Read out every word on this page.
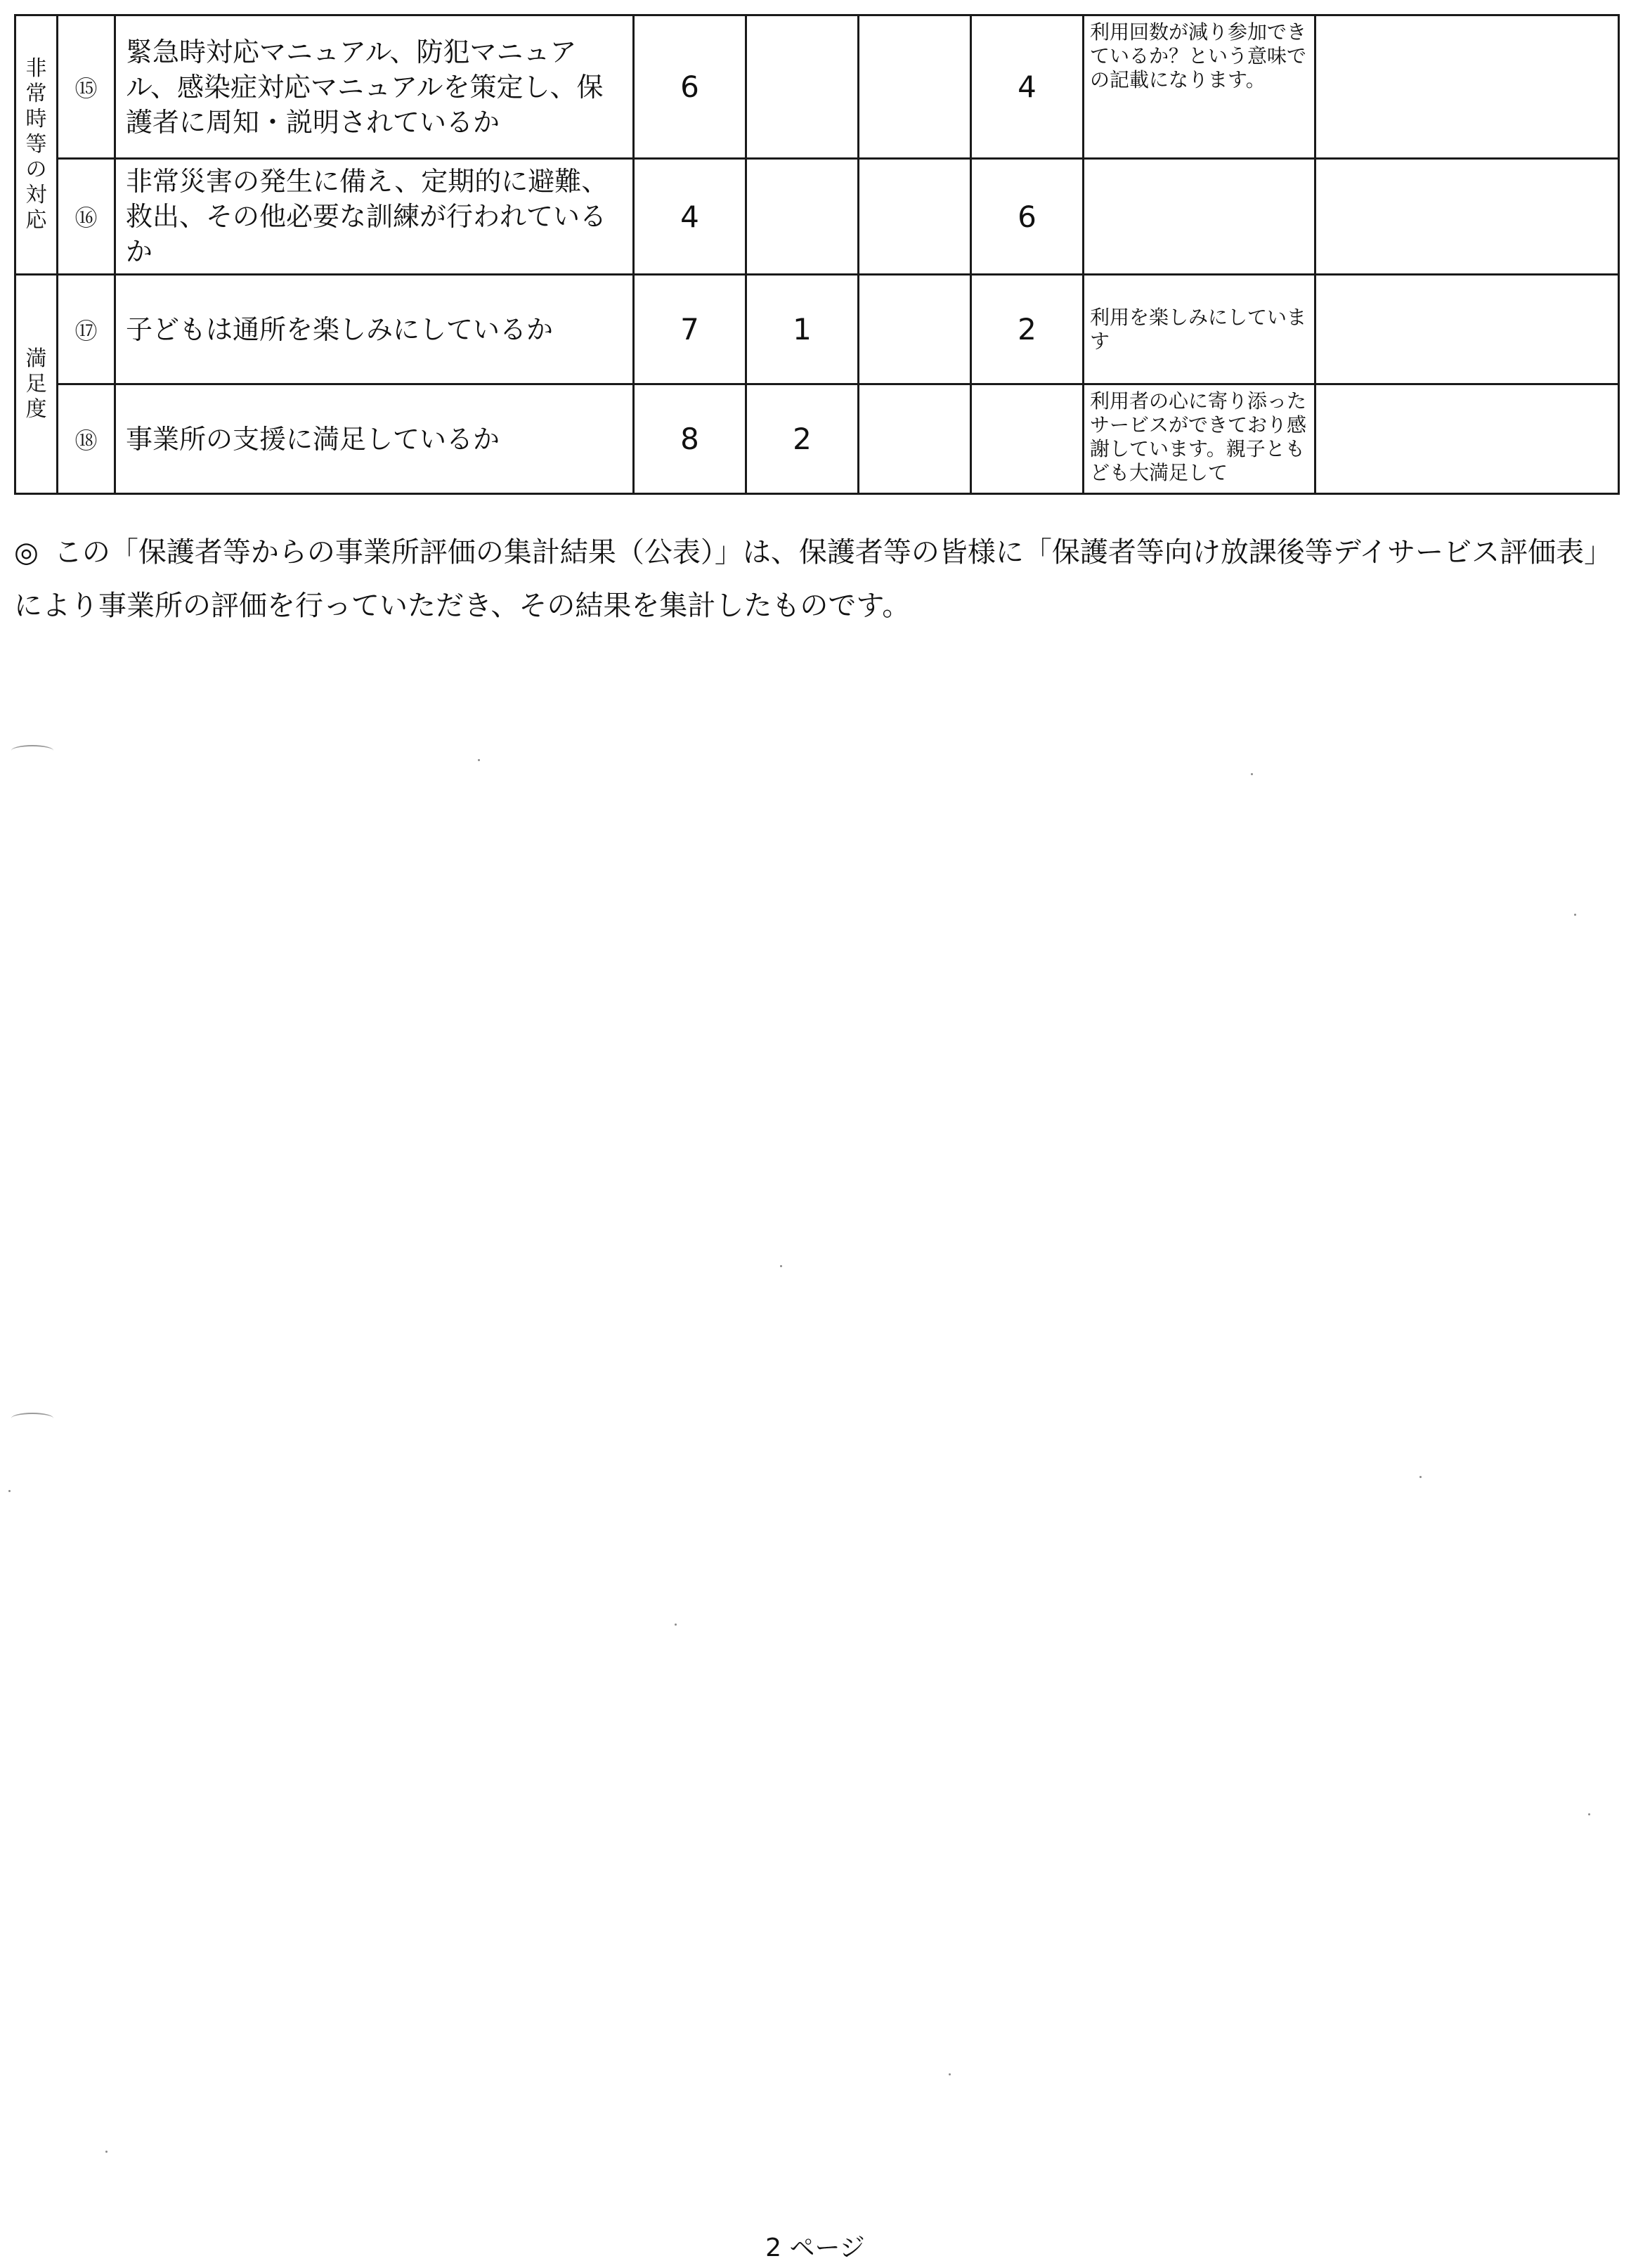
非常時等の対応	⑮	緊急時対応マニュアル、防犯マニュアル、感染症対応マニュアルを策定し、保護者に周知・説明されているか	6			4	利用回数が減り参加できているか？という意味での記載になります。	
	⑯	非常災害の発生に備え、定期的に避難、救出、その他必要な訓練が行われているか	4			6		
満足度	⑰	子どもは通所を楽しみにしているか	7	1		2	利用を楽しみにしています	
	⑱	事業所の支援に満足しているか	8	2			利用者の心に寄り添ったサービスができており感謝しています。親子ともども大満足して	

◎ この「保護者等からの事業所評価の集計結果（公表）」は、保護者等の皆様に「保護者等向け放課後等デイサービス評価表」により事業所の評価を行っていただき、その結果を集計したものです。

2 ページ
